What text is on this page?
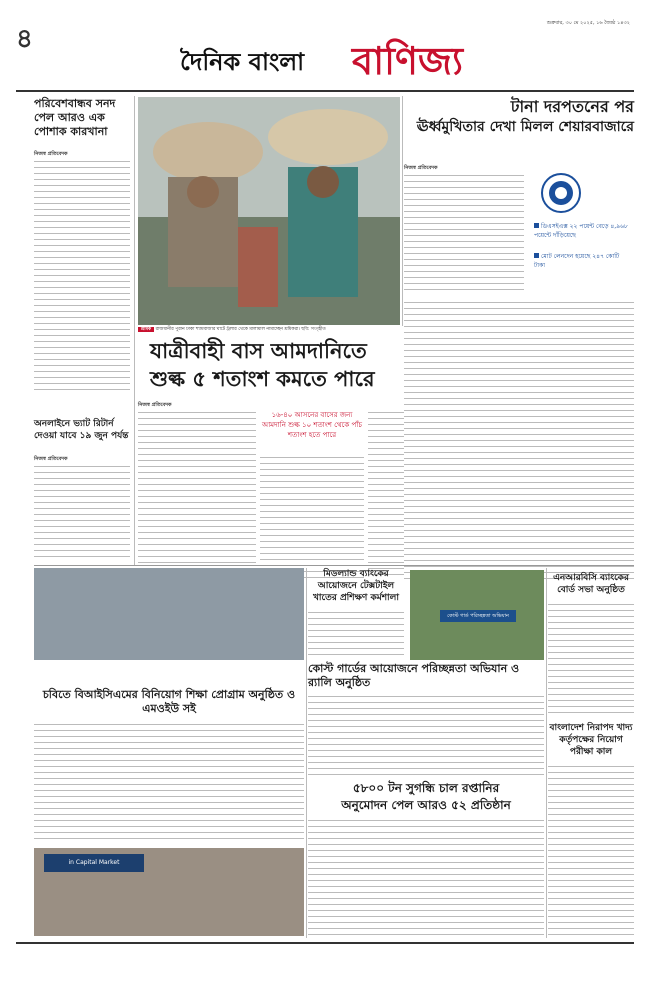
৪
শুক্রবার, ৩০ মে ২০২৫, ১৬ জ্যৈষ্ঠ ১৪৩২
দৈনিক বাংলা বাণিজ্য
পরিবেশবান্ধব সনদ পেল আরও এক পোশাক কারখানা
নিজস্ব প্রতিবেদক
শ্রমিক রাজধানীর পুরান ঢাকা শ্যামবাজার ঘাটে ট্রলার থেকে মালামাল নামাচ্ছেন শ্রমিকরা। ছবি: সংগৃহীত
টানা দরপতনের পর
ঊর্ধ্বমুখিতার দেখা মিলল শেয়ারবাজারে
নিজস্ব প্রতিবেদক
ডিএসইএক্স ২২ পয়েন্ট বেড়ে ৪,৯৬৮ পয়েন্টে দাঁড়িয়েছে
মোট লেনদেন হয়েছে ২৪৭ কোটি টাকা
যাত্রীবাহী বাস আমদানিতে
শুল্ক ৫ শতাংশ কমতে পারে
নিজস্ব প্রতিবেদক
১৬-৪০ আসনের বাসের জন্য আমদানি শুল্ক ১০ শতাংশ থেকে পাঁচ শতাংশ হতে পারে
অনলাইনে ভ্যাট রিটার্ন দেওয়া যাবে ১৯ জুন পর্যন্ত
নিজস্ব প্রতিবেদক
মিডল্যান্ড ব্যাংকের আয়োজনে টেক্সটাইল খাতের প্রশিক্ষণ কর্মশালা
কোস্ট গার্ড পরিচ্ছন্নতা অভিযান
কোস্ট গার্ডের আয়োজনে পরিচ্ছন্নতা অভিযান ও র‍্যালি অনুষ্ঠিত
এনআরবিসি ব্যাংকের বোর্ড সভা অনুষ্ঠিত
চবিতে বিআইসিএমের বিনিয়োগ শিক্ষা প্রোগ্রাম অনুষ্ঠিত ও এমওইউ সই
in Capital Market
৫৮০০ টন সুগন্ধি চাল রপ্তানির
অনুমোদন পেল আরও ৫২ প্রতিষ্ঠান
বাংলাদেশ নিরাপদ খাদ্য কর্তৃপক্ষের নিয়োগ পরীক্ষা কাল
